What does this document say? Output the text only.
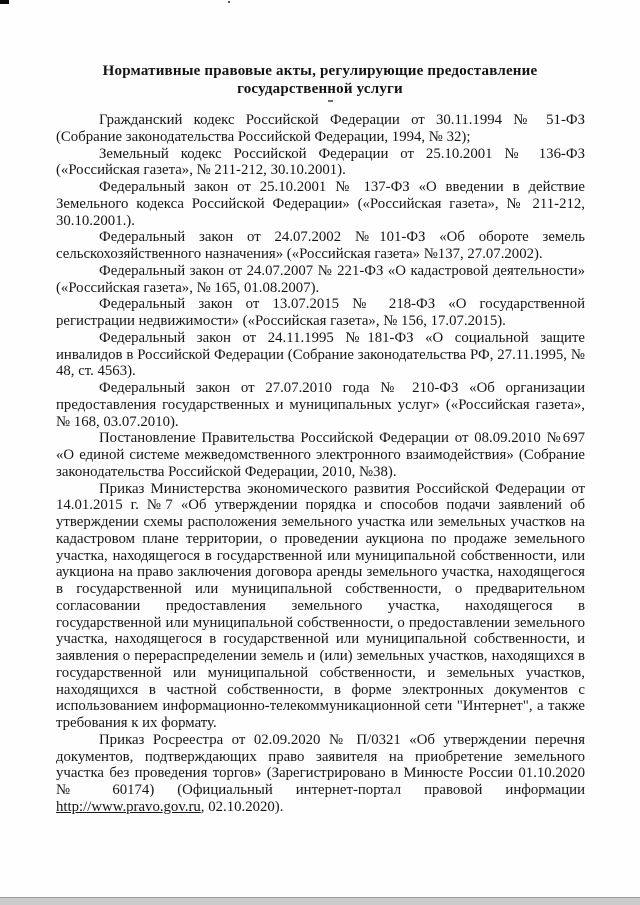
Нормативные правовые акты, регулирующие предоставление государственной услуги

Гражданский кодекс Российской Федерации от 30.11.1994 № 51-ФЗ (Собрание законодательства Российской Федерации, 1994, № 32);

Земельный кодекс Российской Федерации от 25.10.2001 № 136-ФЗ («Российская газета», № 211-212, 30.10.2001).

Федеральный закон от 25.10.2001 № 137-ФЗ «О введении в действие Земельного кодекса Российской Федерации» («Российская газета», № 211-212, 30.10.2001.).

Федеральный закон от 24.07.2002 №101-ФЗ «Об обороте земель сельскохозяйственного назначения» («Российская газета» №137, 27.07.2002).

Федеральный закон от 24.07.2007 № 221-ФЗ «О кадастровой деятельности» («Российская газета», № 165, 01.08.2007).

Федеральный закон от 13.07.2015 № 218-ФЗ «О государственной регистрации недвижимости» («Российская газета», № 156, 17.07.2015).

Федеральный закон от 24.11.1995 №181-ФЗ «О социальной защите инвалидов в Российской Федерации (Собрание законодательства РФ, 27.11.1995, № 48, ст. 4563).

Федеральный закон от 27.07.2010 года № 210-ФЗ «Об организации предоставления государственных и муниципальных услуг» («Российская газета», № 168, 03.07.2010).

Постановление Правительства Российской Федерации от 08.09.2010 №697 «О единой системе межведомственного электронного взаимодействия» (Собрание законодательства Российской Федерации, 2010, №38).

Приказ Министерства экономического развития Российской Федерации от 14.01.2015 г. №7 «Об утверждении порядка и способов подачи заявлений об утверждении схемы расположения земельного участка или земельных участков на кадастровом плане территории, о проведении аукциона по продаже земельного участка, находящегося в государственной или муниципальной собственности, или аукциона на право заключения договора аренды земельного участка, находящегося в государственной или муниципальной собственности, о предварительном согласовании предоставления земельного участка, находящегося в государственной или муниципальной собственности, о предоставлении земельного участка, находящегося в государственной или муниципальной собственности, и заявления о перераспределении земель и (или) земельных участков, находящихся в государственной или муниципальной собственности, и земельных участков, находящихся в частной собственности, в форме электронных документов с использованием информационно-телекоммуникационной сети "Интернет", а также требования к их формату.

Приказ Росреестра от 02.09.2020 № П/0321 «Об утверждении перечня документов, подтверждающих право заявителя на приобретение земельного участка без проведения торгов» (Зарегистрировано в Минюсте России 01.10.2020 № 60174) (Официальный интернет-портал правовой информации http://www.pravo.gov.ru, 02.10.2020).
